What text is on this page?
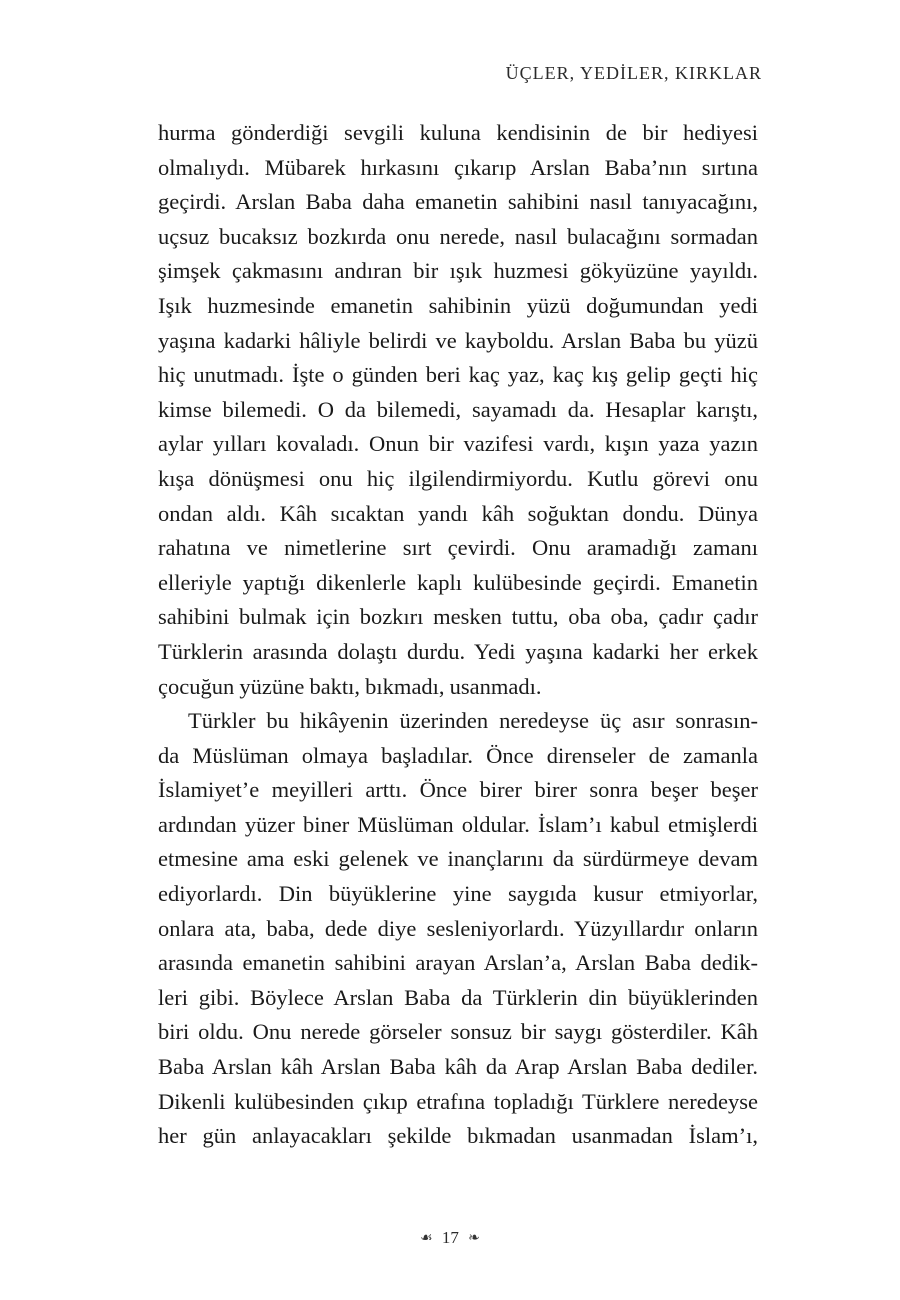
ÜÇLER, YEDİLER, KIRKLAR

hurma gönderdiği sevgili kuluna kendisinin de bir hediyesi
olmalıydı. Mübarek hırkasını çıkarıp Arslan Baba’nın sırtına
geçirdi. Arslan Baba daha emanetin sahibini nasıl tanıyacağını,
uçsuz bucaksız bozkırda onu nerede, nasıl bulacağını sormadan
şimşek çakmasını andıran bir ışık huzmesi gökyüzüne yayıldı.
Işık huzmesinde emanetin sahibinin yüzü doğumundan yedi
yaşına kadarki hâliyle belirdi ve kayboldu. Arslan Baba bu yüzü
hiç unutmadı. İşte o günden beri kaç yaz, kaç kış gelip geçti hiç
kimse bilemedi. O da bilemedi, sayamadı da. Hesaplar karıştı,
aylar yılları kovaladı. Onun bir vazifesi vardı, kışın yaza yazın
kışa dönüşmesi onu hiç ilgilendirmiyordu. Kutlu görevi onu
ondan aldı. Kâh sıcaktan yandı kâh soğuktan dondu. Dünya
rahatına ve nimetlerine sırt çevirdi. Onu aramadığı zamanı
elleriyle yaptığı dikenlerle kaplı kulübesinde geçirdi. Emanetin
sahibini bulmak için bozkırı mesken tuttu, oba oba, çadır çadır
Türklerin arasında dolaştı durdu. Yedi yaşına kadarki her erkek
çocuğun yüzüne baktı, bıkmadı, usanmadı.

Türkler bu hikâyenin üzerinden neredeyse üç asır sonrasın-
da Müslüman olmaya başladılar. Önce direnseler de zamanla
İslamiyet’e meyilleri arttı. Önce birer birer sonra beşer beşer
ardından yüzer biner Müslüman oldular. İslam’ı kabul etmişlerdi
etmesine ama eski gelenek ve inançlarını da sürdürmeye devam
ediyorlardı. Din büyüklerine yine saygıda kusur etmiyorlar,
onlara ata, baba, dede diye sesleniyorlardı. Yüzyıllardır onların
arasında emanetin sahibini arayan Arslan’a, Arslan Baba dedik-
leri gibi. Böylece Arslan Baba da Türklerin din büyüklerinden
biri oldu. Onu nerede görseler sonsuz bir saygı gösterdiler. Kâh
Baba Arslan kâh Arslan Baba kâh da Arap Arslan Baba dediler.
Dikenli kulübesinden çıkıp etrafına topladığı Türklere neredeyse
her gün anlayacakları şekilde bıkmadan usanmadan İslam’ı,

☙ 17 ❧
